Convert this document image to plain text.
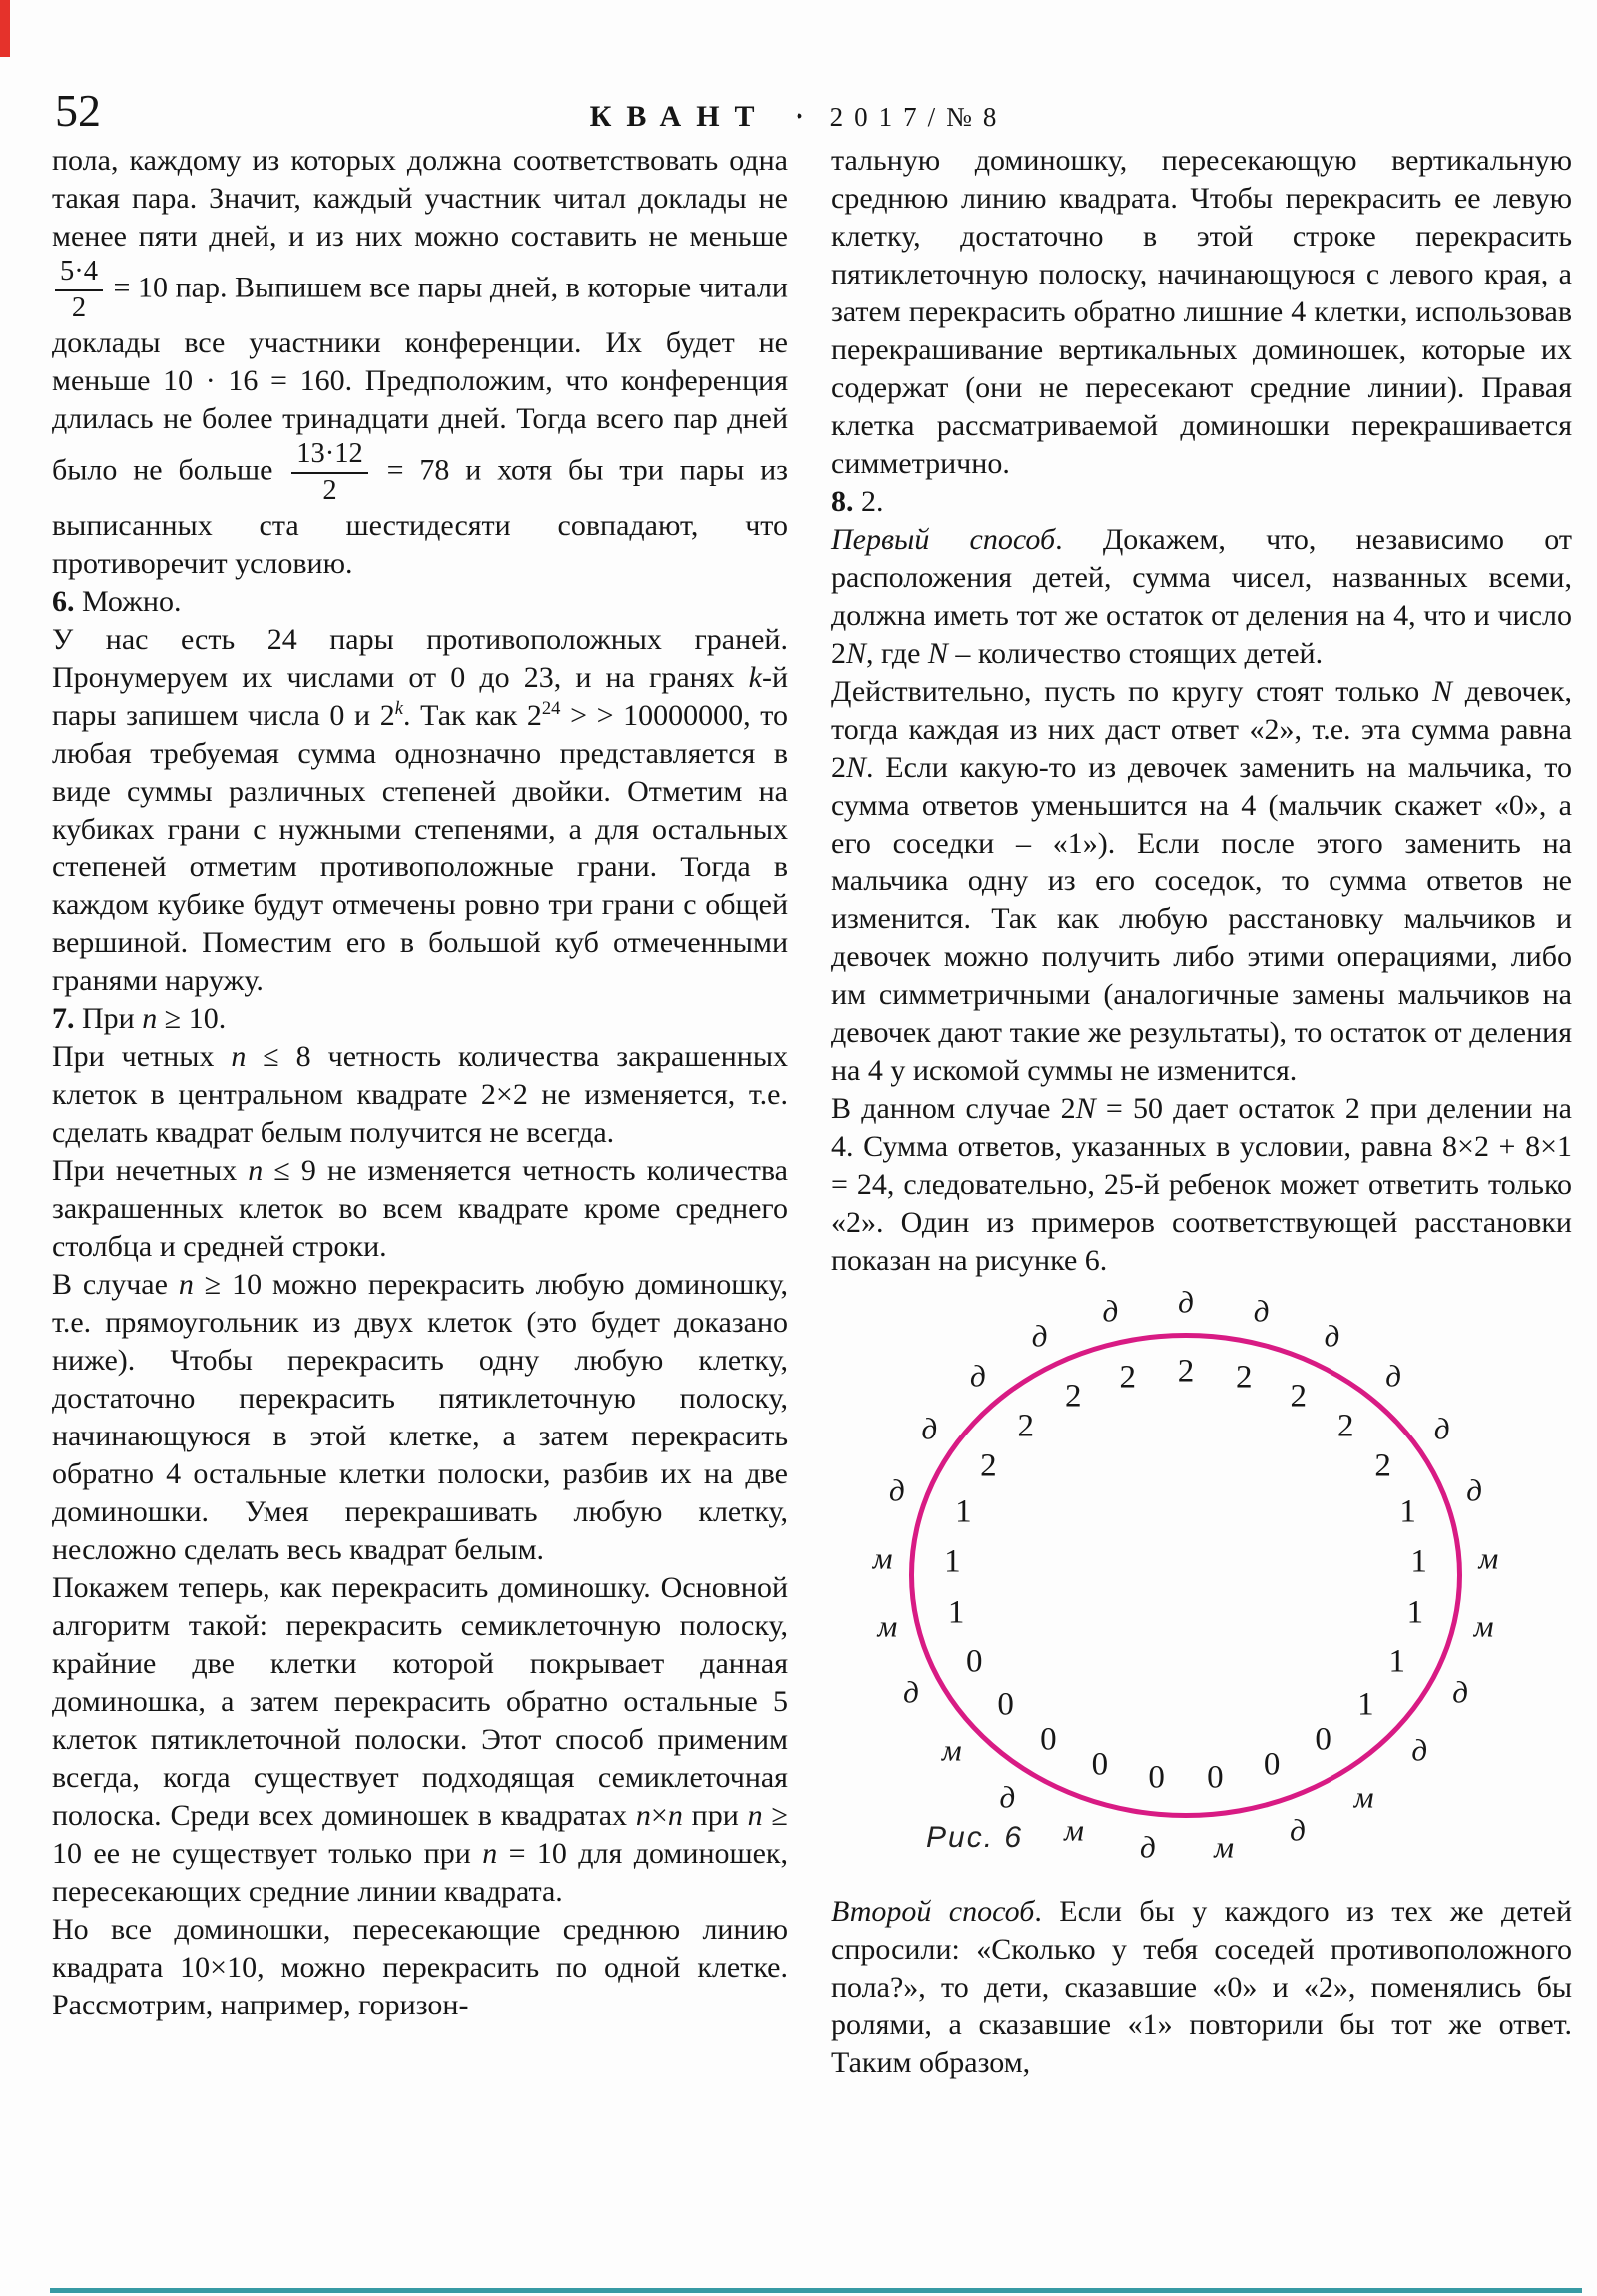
52	КВАНТ · 2017/№8

пола, каждому из которых должна соответствовать одна такая пара. Значит, каждый участник читал доклады не менее пяти дней, и из них можно составить не меньше
$\frac{5\cdot 4}{2} = 10$ пар. Выпишем все пары дней, в которые читали доклады все участники конференции. Их будет не меньше 10 · 16 = 160. Предположим, что конференция длилась не более тринадцати дней. Тогда всего пар дней было не больше $\frac{13\cdot 12}{2} = 78$ и хотя бы три пары из выписанных ста шестидесяти совпадают, что противоречит условию.

6. Можно.

У нас есть 24 пары противоположных граней. Пронумеруем их числами от 0 до 23, и на гранях k-й пары запишем числа 0 и 2$^k$. Так как $2^{24}$ > > 10000000, то любая требуемая сумма однозначно представляется в виде суммы различных степеней двойки. Отметим на кубиках грани с нужными степенями, а для остальных степеней отметим противоположные грани. Тогда в каждом кубике будут отмечены ровно три грани с общей вершиной. Поместим его в большой куб отмеченными гранями наружу.

7. При n ≥ 10.

При четных n ≤ 8 четность количества закрашенных клеток в центральном квадрате 2×2 не изменяется, т.е. сделать квадрат белым получится не всегда.

При нечетных n ≤ 9 не изменяется четность количества закрашенных клеток во всем квадрате кроме среднего столбца и средней строки.

В случае n ≥ 10 можно перекрасить любую доминошку, т.е. прямоугольник из двух клеток (это будет доказано ниже). Чтобы перекрасить одну любую клетку, достаточно перекрасить пятиклеточную полоску, начинающуюся в этой клетке, а затем перекрасить обратно 4 остальные клетки полоски, разбив их на две доминошки. Умея перекрашивать любую клетку, несложно сделать весь квадрат белым.

Покажем теперь, как перекрасить доминошку. Основной алгоритм такой: перекрасить семиклеточную полоску, крайние две клетки которой покрывает данная доминошка, а затем перекрасить обратно остальные 5 клеток пятиклеточной полоски. Этот способ применим всегда, когда существует подходящая семиклеточная полоска. Среди всех доминошек в квадратах n×n при n ≥ 10 ее не существует только при n = 10 для доминошек, пересекающих средние линии квадрата.

Но все доминошки, пересекающие среднюю линию квадрата 10×10, можно перекрасить по одной клетке. Рассмотрим, например, горизон-

тальную доминошку, пересекающую вертикальную среднюю линию квадрата. Чтобы перекрасить ее левую клетку, достаточно в этой строке перекрасить пятиклеточную полоску, начинающуюся с левого края, а затем перекрасить обратно лишние 4 клетки, использовав перекрашивание вертикальных доминошек, которые их содержат (они не пересекают средние линии). Правая клетка рассматриваемой доминошки перекрашивается симметрично.

8. 2.

Первый способ. Докажем, что, независимо от расположения детей, сумма чисел, названных всеми, должна иметь тот же остаток от деления на 4, что и число 2N, где N – количество стоящих детей.

Действительно, пусть по кругу стоят только N девочек, тогда каждая из них даст ответ «2», т.е. эта сумма равна 2N. Если какую-то из девочек заменить на мальчика, то сумма ответов уменьшится на 4 (мальчик скажет «0», а его соседки – «1»). Если после этого заменить на мальчика одну из его соседок, то сумма ответов не изменится. Так как любую расстановку мальчиков и девочек можно получить либо этими операциями, либо им симметричными (аналогичные замены мальчиков на девочек дают такие же результаты), то остаток от деления на 4 у искомой суммы не изменится.

В данном случае 2N = 50 дает остаток 2 при делении на 4. Сумма ответов, указанных в условии, равна 8×2 + 8×1 = 24, следовательно, 25-й ребенок может ответить только «2». Один из примеров соответствующей расстановки показан на рисунке 6.

д
2
д
2
д
2
д
2	д
2
д
1
м
1
м
1
д
1
д
1
м
0
д
0
м
0
д
0
м
0
д
0
м
0
д
0
м 1
м 1
д
1
д
2
д
2
д
2
д
2
Рис. 6

Второй способ. Если бы у каждого из тех же детей спросили: «Сколько у тебя соседей противоположного пола?», то дети, сказавшие «0» и «2», поменялись бы ролями, а сказавшие «1» повторили бы тот же ответ. Таким образом,
